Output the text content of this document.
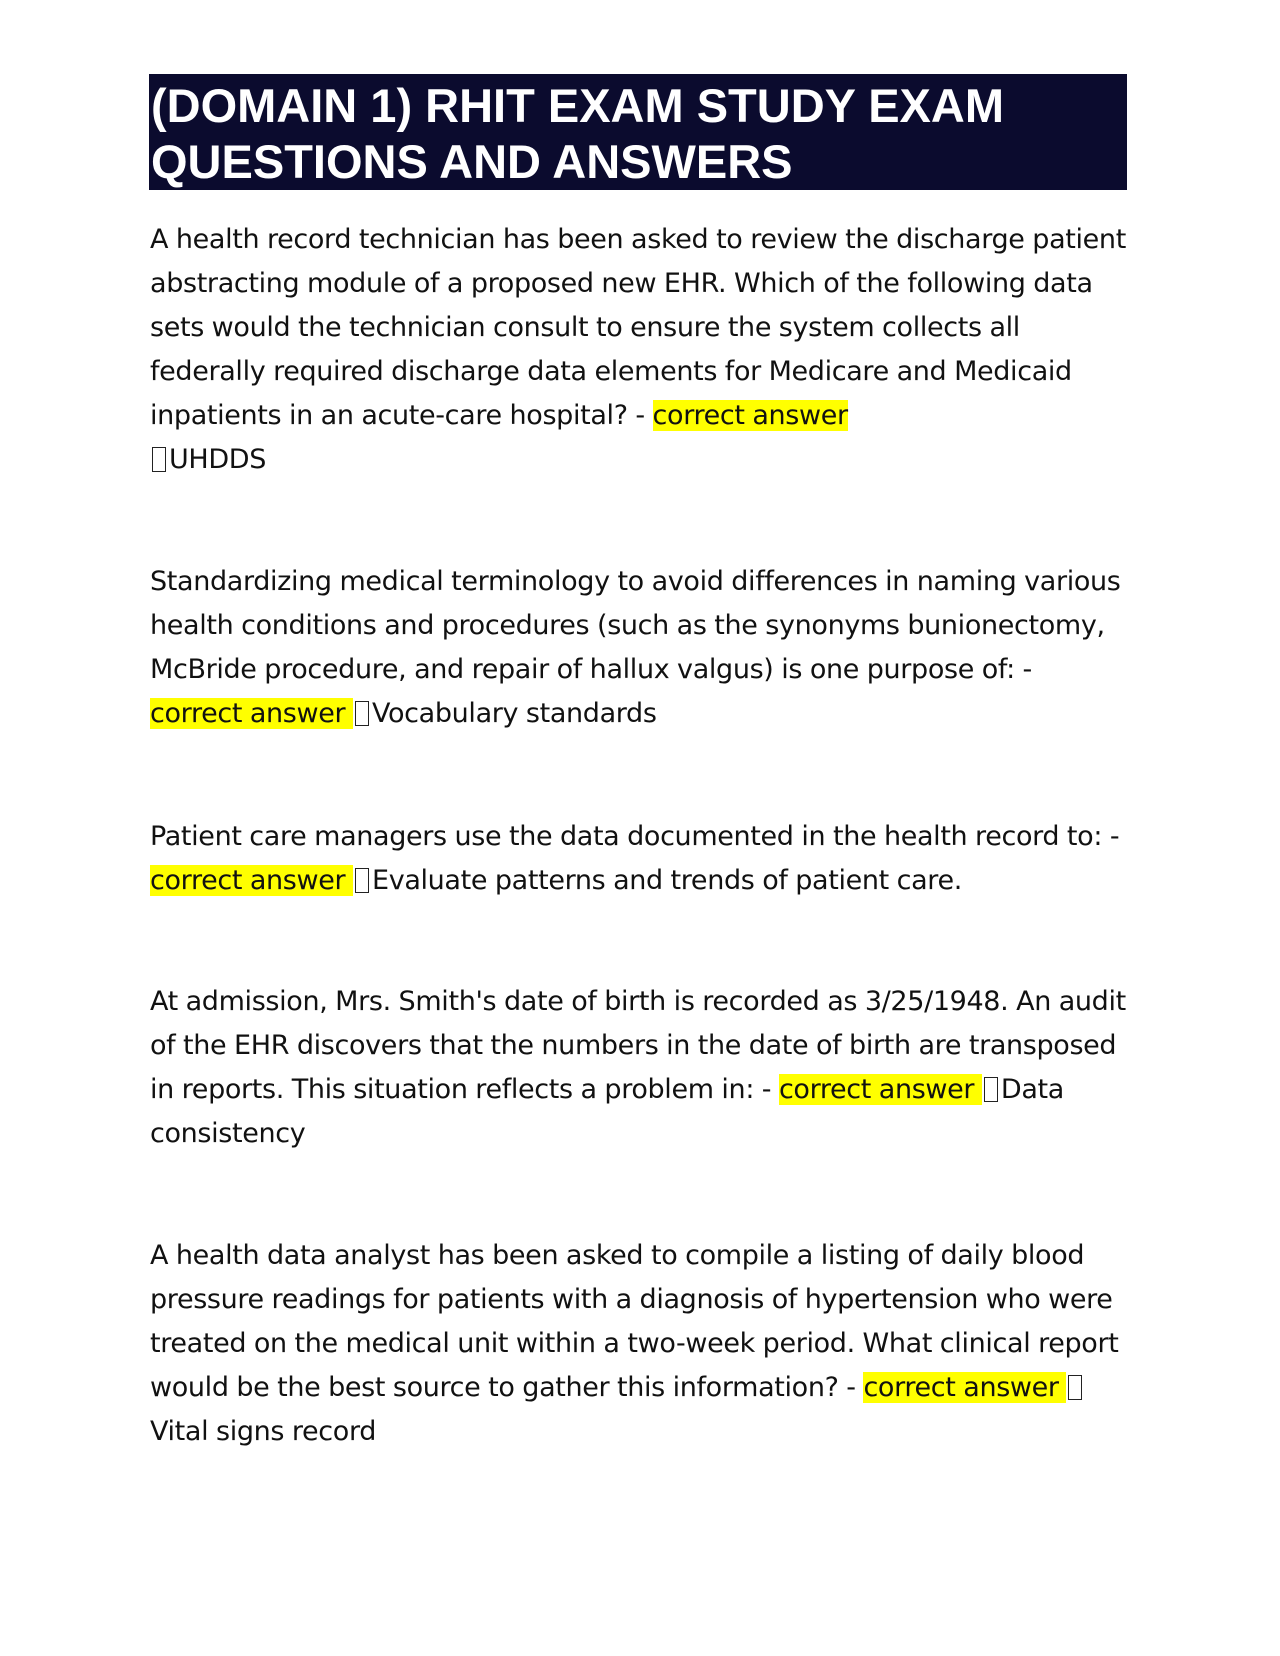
(DOMAIN 1) RHIT EXAM STUDY EXAM
QUESTIONS AND ANSWERS

A health record technician has been asked to review the discharge patient abstracting module of a proposed new EHR. Which of the following data sets would the technician consult to ensure the system collects all federally required discharge data elements for Medicare and Medicaid inpatients in an acute-care hospital? - correct answer
UHDDS

Standardizing medical terminology to avoid differences in naming various health conditions and procedures (such as the synonyms bunionectomy, McBride procedure, and repair of hallux valgus) is one purpose of: - correct answer Vocabulary standards

Patient care managers use the data documented in the health record to: - correct answer Evaluate patterns and trends of patient care.

At admission, Mrs. Smith's date of birth is recorded as 3/25/1948. An audit of the EHR discovers that the numbers in the date of birth are transposed in reports. This situation reflects a problem in: - correct answer Data consistency

A health data analyst has been asked to compile a listing of daily blood pressure readings for patients with a diagnosis of hypertension who were treated on the medical unit within a two-week period. What clinical report would be the best source to gather this information? - correct answer Vital signs record
